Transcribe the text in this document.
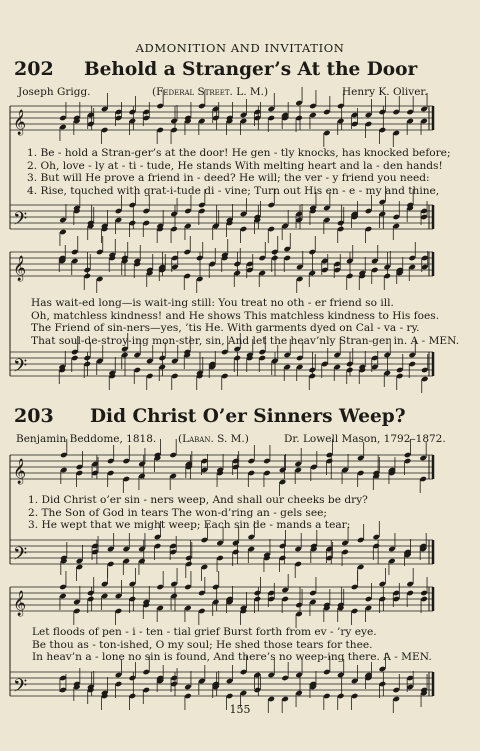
ADMONITION AND INVITATION
202 Behold a Stranger’s At the Door
Joseph Grigg.	(Federal Street. L. M.)	Henry K. Oliver.
1. Be - hold a Stran-ger’s at the door! He gen - tly knocks, has knocked before;
2. Oh, love - ly at - ti - tude, He stands With melting heart and la - den hands!
3. But will He prove a friend in - deed? He will; the ver - y friend you need:
4. Rise, touched with grat-i-tude di - vine; Turn out His en - e - my and thine,
Has wait-ed long—is wait-ing still: You treat no oth - er friend so ill.
Oh, matchless kindness! and He shows This matchless kindness to His foes.
The Friend of sin-ners—yes, ’tis He. With garments dyed on Cal - va - ry.
That soul-de-stroy-ing mon-ster, sin, And let the heav’nly Stran-ger in. A - MEN.
203 Did Christ O’er Sinners Weep?
Benjamin Beddome, 1818. (Laban. S. M.)	Dr. Lowell Mason, 1792–1872.
1. Did Christ o’er sin - ners weep, And shall our cheeks be dry?
2. The Son of God in tears The won-d’ring an - gels see;
3. He wept that we might weep; Each sin de - mands a tear:
Let floods of pen - i - ten - tial grief Burst forth from ev - ’ry eye.
Be thou as - ton-ished, O my soul; He shed those tears for thee.
In heav’n a - lone no sin is found, And there’s no weep-ing there. A - MEN.
155
𝄞
𝄢
𝄞
𝄢
𝄞
𝄢
𝄞
𝄢
